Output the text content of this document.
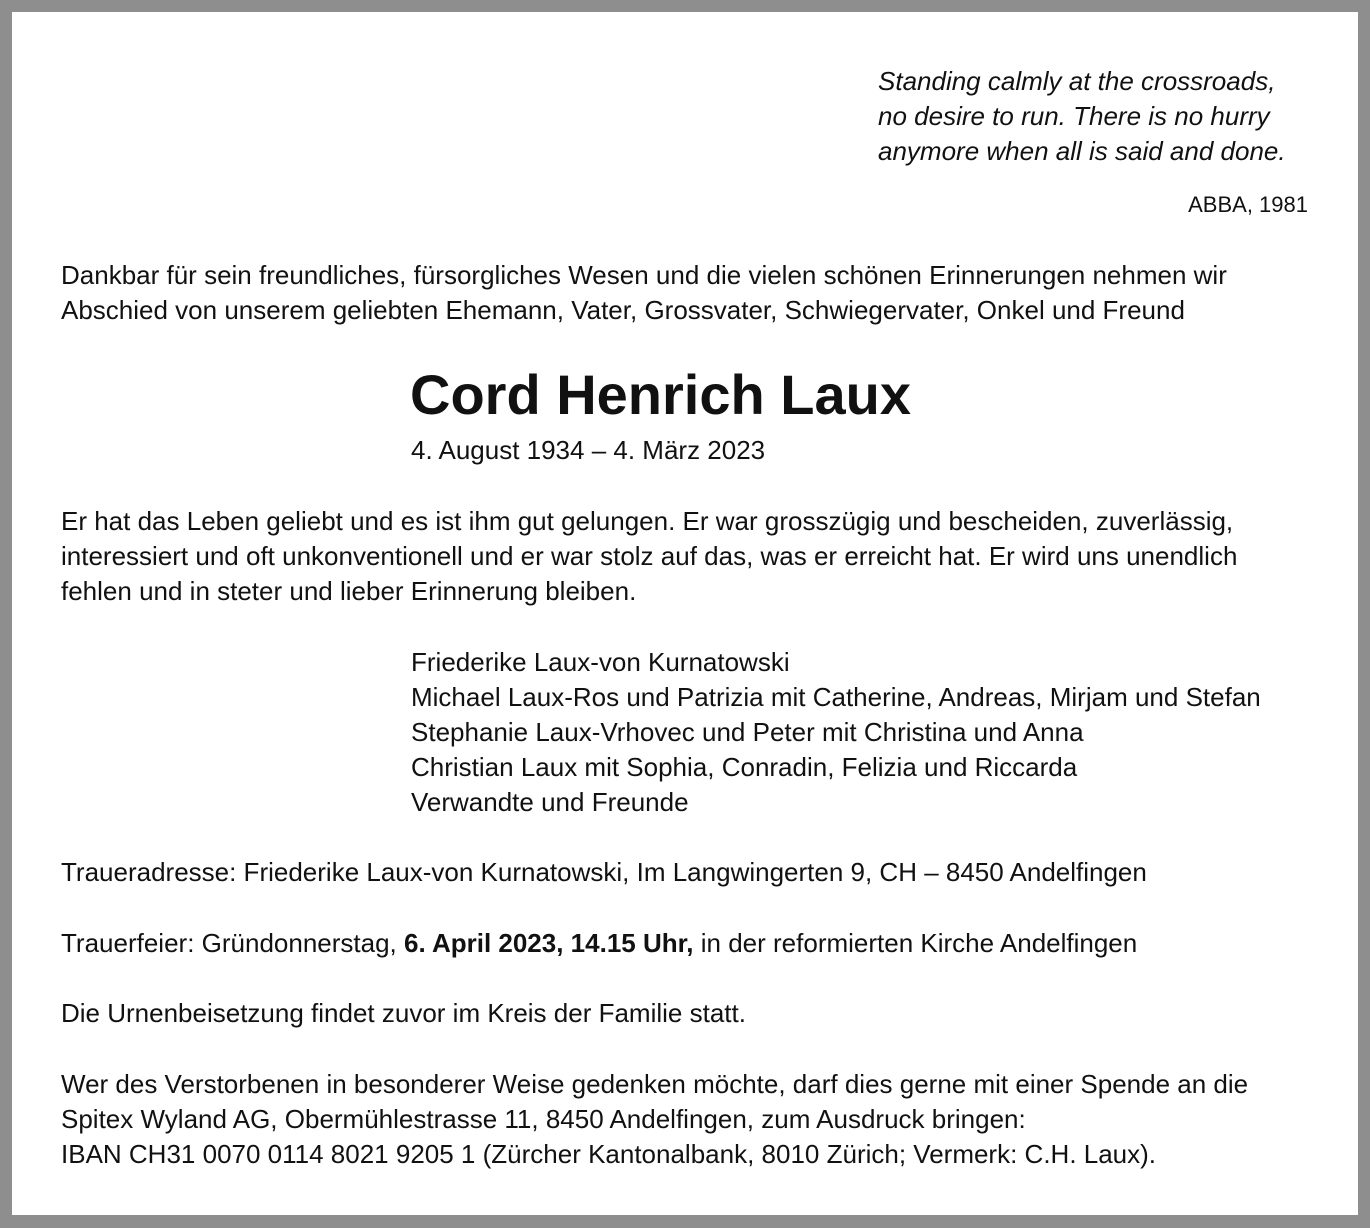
Standing calmly at the crossroads,
no desire to run. There is no hurry
anymore when all is said and done.
ABBA, 1981
Dankbar für sein freundliches, fürsorgliches Wesen und die vielen schönen Erinnerungen nehmen wir
Abschied von unserem geliebten Ehemann, Vater, Grossvater, Schwiegervater, Onkel und Freund
Cord Henrich Laux
4. August 1934 – 4. März 2023
Er hat das Leben geliebt und es ist ihm gut gelungen. Er war grosszügig und bescheiden, zuverlässig,
interessiert und oft unkonventionell und er war stolz auf das, was er erreicht hat. Er wird uns unendlich
fehlen und in steter und lieber Erinnerung bleiben.
Friederike Laux-von Kurnatowski
Michael Laux-Ros und Patrizia mit Catherine, Andreas, Mirjam und Stefan
Stephanie Laux-Vrhovec und Peter mit Christina und Anna
Christian Laux mit Sophia, Conradin, Felizia und Riccarda
Verwandte und Freunde
Traueradresse: Friederike Laux-von Kurnatowski, Im Langwingerten 9, CH – 8450 Andelfingen
Trauerfeier: Gründonnerstag, 6. April 2023, 14.15 Uhr, in der reformierten Kirche Andelfingen
Die Urnenbeisetzung findet zuvor im Kreis der Familie statt.
Wer des Verstorbenen in besonderer Weise gedenken möchte, darf dies gerne mit einer Spende an die
Spitex Wyland AG, Obermühlestrasse 11, 8450 Andelfingen, zum Ausdruck bringen:
IBAN CH31 0070 0114 8021 9205 1 (Zürcher Kantonalbank, 8010 Zürich; Vermerk: C.H. Laux).
